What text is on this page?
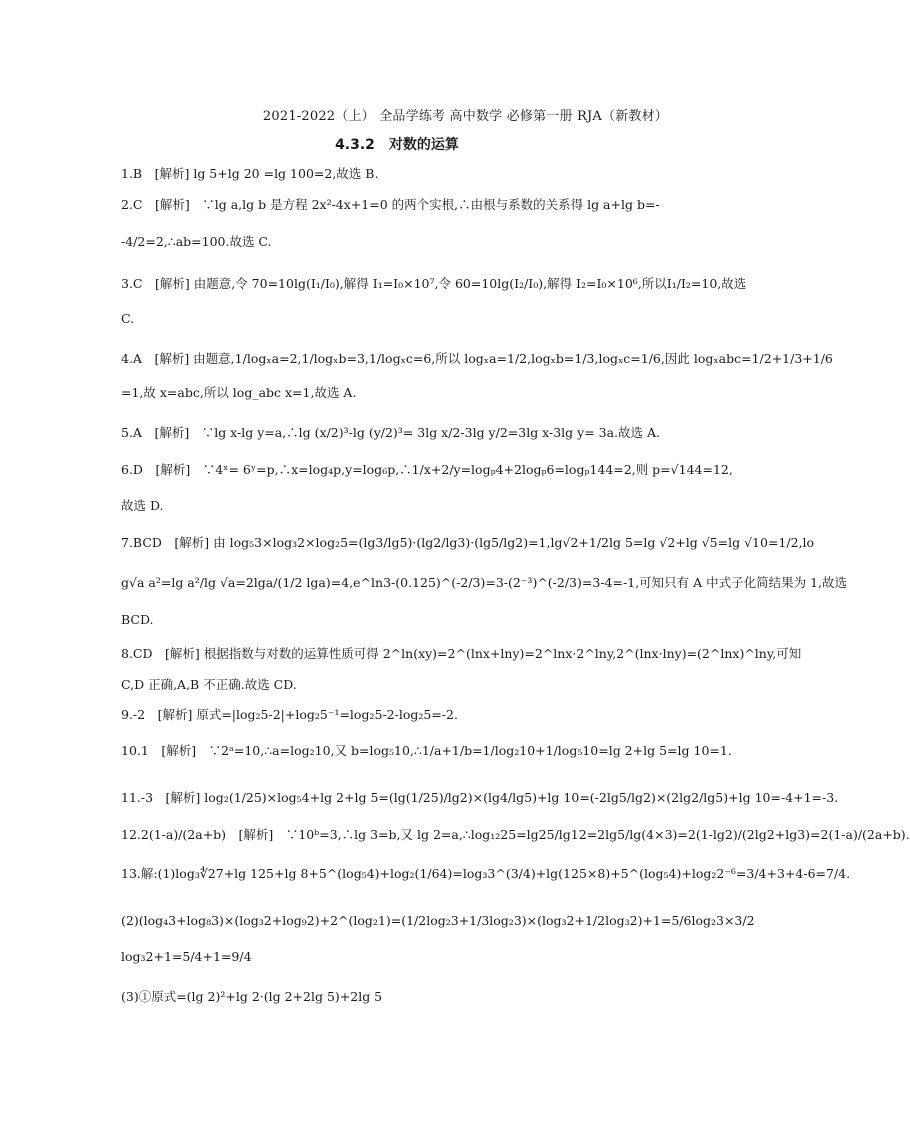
2021-2022（上） 全品学练考 高中数学 必修第一册 RJA（新教材）
4.3.2　对数的运算
1.B　[解析] lg 5+lg 20 =lg 100=2,故选 B.
2.C　[解析]　∵lg a,lg b 是方程 2x²-4x+1=0 的两个实根,∴由根与系数的关系得 lg a+lg b=-
-4/2=2,∴ab=100.故选 C.
3.C　[解析] 由题意,令 70=10lg(I₁/I₀),解得 I₁=I₀×10⁷,令 60=10lg(I₂/I₀),解得 I₂=I₀×10⁶,所以I₁/I₂=10,故选
C.
4.A　[解析] 由题意,1/logₓa=2,1/logₓb=3,1/logₓc=6,所以 logₓa=1/2,logₓb=1/3,logₓc=1/6,因此 logₓabc=1/2+1/3+1/6
=1,故 x=abc,所以 log_abc x=1,故选 A.
5.A　[解析]　∵lg x-lg y=a,∴lg (x/2)³-lg (y/2)³= 3lg x/2-3lg y/2=3lg x-3lg y= 3a.故选 A.
6.D　[解析]　∵4ˣ= 6ʸ=p,∴x=log₄p,y=log₆p,∴1/x+2/y=logₚ4+2logₚ6=logₚ144=2,则 p=√144=12,
故选 D.
7.BCD　[解析] 由 log₅3×log₃2×log₂5=(lg3/lg5)·(lg2/lg3)·(lg5/lg2)=1,lg√2+1/2lg 5=lg √2+lg √5=lg √10=1/2,lo
g√a a²=lg a²/lg √a=2lga/(1/2 lga)=4,e^ln3-(0.125)^(-2/3)=3-(2⁻³)^(-2/3)=3-4=-1,可知只有 A 中式子化简结果为 1,故选
BCD.
8.CD　[解析] 根据指数与对数的运算性质可得 2^ln(xy)=2^(lnx+lny)=2^lnx·2^lny,2^(lnx·lny)=(2^lnx)^lny,可知
C,D 正确,A,B 不正确.故选 CD.
9.-2　[解析] 原式=|log₂5-2|+log₂5⁻¹=log₂5-2-log₂5=-2.
10.1　[解析]　∵2ᵃ=10,∴a=log₂10,又 b=log₅10,∴1/a+1/b=1/log₂10+1/log₅10=lg 2+lg 5=lg 10=1.
11.-3　[解析] log₂(1/25)×log₅4+lg 2+lg 5=(lg(1/25)/lg2)×(lg4/lg5)+lg 10=(-2lg5/lg2)×(2lg2/lg5)+lg 10=-4+1=-3.
12.2(1-a)/(2a+b)　[解析]　∵10ᵇ=3,∴lg 3=b,又 lg 2=a,∴log₁₂25=lg25/lg12=2lg5/lg(4×3)=2(1-lg2)/(2lg2+lg3)=2(1-a)/(2a+b).
13.解:(1)log₃∜27+lg 125+lg 8+5^(log₅4)+log₂(1/64)=log₃3^(3/4)+lg(125×8)+5^(log₅4)+log₂2⁻⁶=3/4+3+4-6=7/4.
(2)(log₄3+log₈3)×(log₃2+log₉2)+2^(log₂1)=(1/2log₂3+1/3log₂3)×(log₃2+1/2log₃2)+1=5/6log₂3×3/2
log₃2+1=5/4+1=9/4
(3)①原式=(lg 2)²+lg 2·(lg 2+2lg 5)+2lg 5
